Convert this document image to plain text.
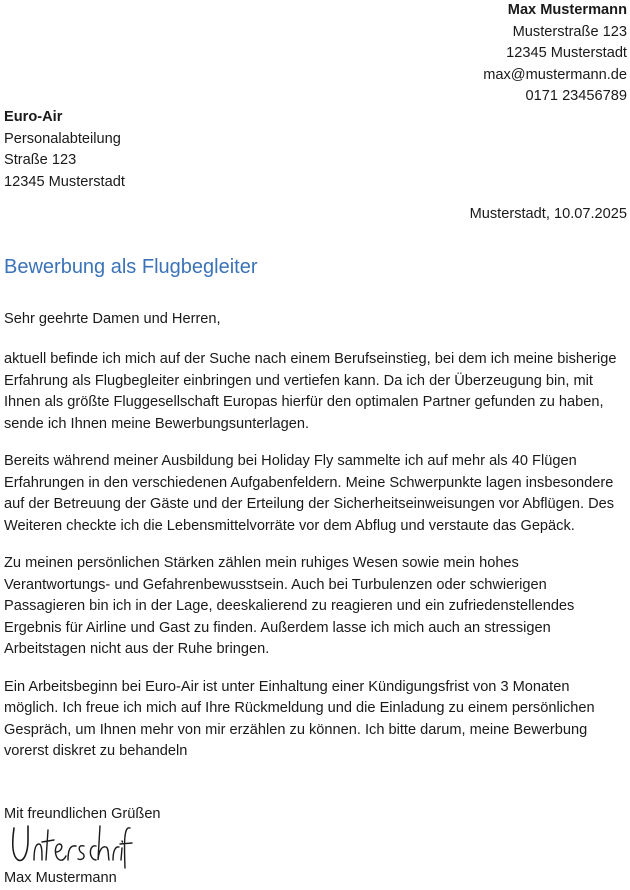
Max Mustermann
Musterstraße 123
12345 Musterstadt
max@mustermann.de
0171 23456789
Euro-Air
Personalabteilung
Straße 123
12345 Musterstadt
Musterstadt, 10.07.2025
Bewerbung als Flugbegleiter
Sehr geehrte Damen und Herren,

aktuell befinde ich mich auf der Suche nach einem Berufseinstieg, bei dem ich meine bisherige Erfahrung als Flugbegleiter einbringen und vertiefen kann. Da ich der Überzeugung bin, mit Ihnen als größte Fluggesellschaft Europas hierfür den optimalen Partner gefunden zu haben, sende ich Ihnen meine Bewerbungsunterlagen.

Bereits während meiner Ausbildung bei Holiday Fly sammelte ich auf mehr als 40 Flügen Erfahrungen in den verschiedenen Aufgabenfeldern. Meine Schwerpunkte lagen insbesondere auf der Betreuung der Gäste und der Erteilung der Sicherheitseinweisungen vor Abflügen. Des Weiteren checkte ich die Lebensmittelvorräte vor dem Abflug und verstaute das Gepäck.

Zu meinen persönlichen Stärken zählen mein ruhiges Wesen sowie mein hohes Verantwortungs- und Gefahrenbewusstsein. Auch bei Turbulenzen oder schwierigen Passagieren bin ich in der Lage, deeskalierend zu reagieren und ein zufriedenstellendes Ergebnis für Airline und Gast zu finden. Außerdem lasse ich mich auch an stressigen Arbeitstagen nicht aus der Ruhe bringen.

Ein Arbeitsbeginn bei Euro-Air ist unter Einhaltung einer Kündigungsfrist von 3 Monaten möglich. Ich freue ich mich auf Ihre Rückmeldung und die Einladung zu einem persönlichen Gespräch, um Ihnen mehr von mir erzählen zu können. Ich bitte darum, meine Bewerbung vorerst diskret zu behandeln

Mit freundlichen Grüßen
Max Mustermann
